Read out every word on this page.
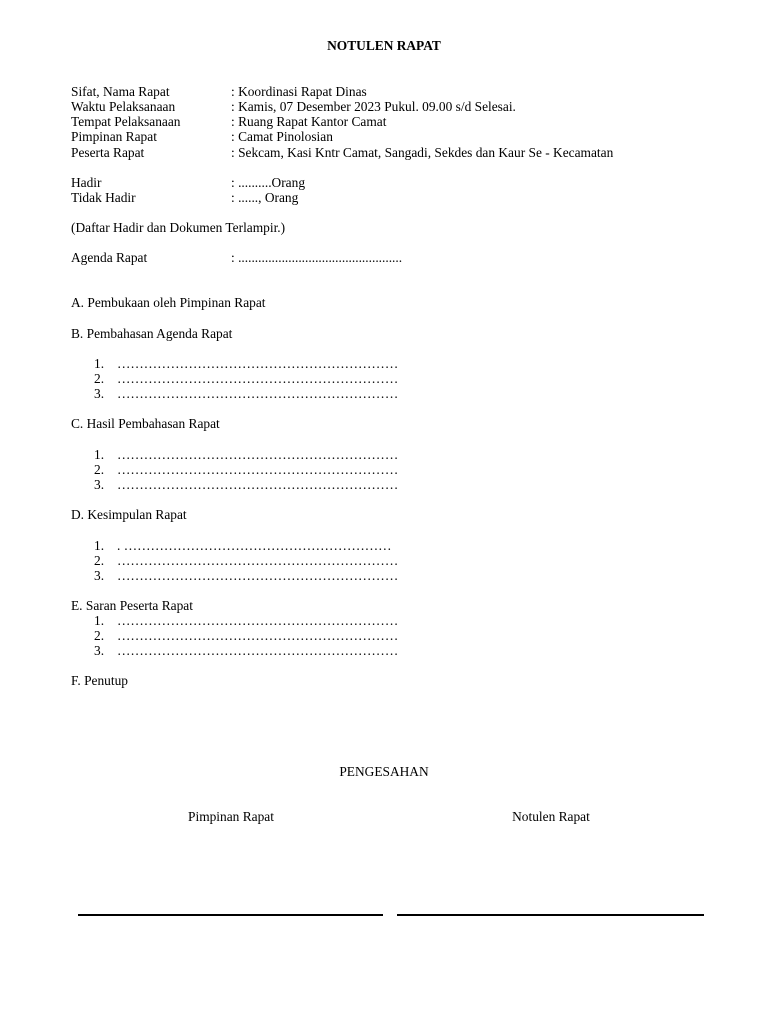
NOTULEN RAPAT
Sifat, Nama Rapat	: Koordinasi Rapat Dinas
Waktu Pelaksanaan	: Kamis, 07 Desember 2023 Pukul. 09.00 s/d Selesai.
Tempat Pelaksanaan	: Ruang Rapat Kantor Camat
Pimpinan Rapat	: Camat Pinolosian
Peserta Rapat	: Sekcam, Kasi Kntr Camat, Sangadi, Sekdes dan Kaur Se - Kecamatan
Hadir	: ..........Orang
Tidak Hadir	: ......, Orang
(Daftar Hadir dan Dokumen Terlampir.)
Agenda Rapat	: .................................................
A. Pembukaan oleh Pimpinan Rapat
B. Pembahasan Agenda Rapat
1. ………………………………………………………
2. ………………………………………………………
3. ………………………………………………………
C. Hasil Pembahasan Rapat
1. ………………………………………………………
2. ………………………………………………………
3. ………………………………………………………
D. Kesimpulan Rapat
1. . ……………………………………………………
2. ………………………………………………………
3. ………………………………………………………
E. Saran Peserta Rapat
1. ………………………………………………………
2. ………………………………………………………
3. ………………………………………………………
F. Penutup
PENGESAHAN
Pimpinan Rapat	Notulen Rapat
